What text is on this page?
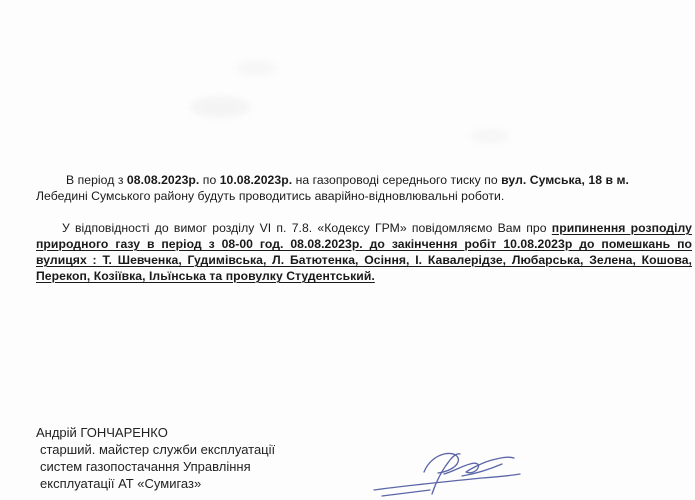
В період з 08.08.2023р. по 10.08.2023р. на газопроводі середнього тиску по вул. Сумська, 18 в м.
Лебедині Сумського району будуть проводитись аварійно-відновлювальні роботи.
У відповідності до вимог розділу VI п. 7.8. «Кодексу ГРМ» повідомляємо Вам про припинення розподілу природного газу в період з 08-00 год. 08.08.2023р. до закінчення робіт 10.08.2023р до помешкань по вулицях : Т. Шевченка, Гудимівська, Л. Батютенка, Осіння, І. Кавалерідзе, Любарська, Зелена, Кошова, Перекоп, Козіївка, Ільїнська та провулку Студентський.
Андрій ГОНЧАРЕНКО
старший. майстер служби експлуатації
систем газопостачання Управління
експлуатації АТ «Сумигаз»
